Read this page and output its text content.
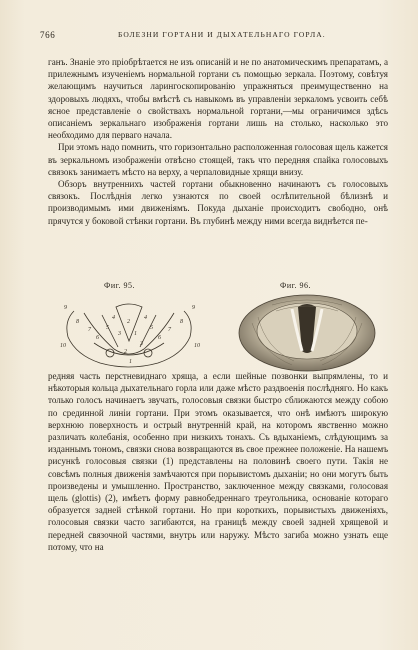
766	БОЛЕЗНИ ГОРТАНИ И ДЫХАТЕЛЬНАГО ГОРЛА.

ганъ. Знанiе это прiобрѣтается не изъ описанiй и не по анатомическимъ препаратамъ, а прилежнымъ изученiемъ нормальной гортани съ помощью зеркала. Поэтому, совѣтуя желающимъ научиться ларингоскопированiю упражняться преимущественно на здоровыхъ людяхъ, чтобы вмѣстѣ съ навыкомъ въ управленiи зеркаломъ усвоить себѣ ясное представленiе о свойствахъ нормальной гортани,—мы ограничимся здѣсь описанiемъ зеркальнаго изображенiя гортани лишь на столько, насколько это необходимо для перваго начала.

При этомъ надо помнить, что горизонтально расположенная голосовая щель кажется въ зеркальномъ изображенiи отвѣсно стоящей, такъ что передняя спайка голосовыхъ связокъ занимаетъ мѣсто на верху, а черпаловидные хрящи внизу.

Обзоръ внутреннихъ частей гортани обыкновенно начинаютъ съ голосовыхъ связокъ. Послѣднiя легко узнаются по своей ослѣпительной бѣлизнѣ и производимымъ ими движенiямъ. Покуда дыханiе происходитъ свободно, онѣ прячутся у боковой стѣнки гортани. Въ глубинѣ между ними всегда виднѣется пе-

Фиг. 95.	Фиг. 96.
9
8
7
6
5
4
3
2
1
10
9
8
7
6
5
4
3
2
1
10

редняя часть перстневиднаго хряща, а если шейные позвонки выпрямлены, то и нѣкоторыя кольца дыхательнаго горла или даже мѣсто раздвоенiя послѣдняго. Но какъ только голосъ начинаетъ звучать, голосовыя связки быстро сближаются между собою по срединной линiи гортани. При этомъ оказывается, что онѣ имѣютъ широкую верхнюю поверхность и острый внутреннiй край, на которомъ явственно можно различать колебанiя, особенно при низкихъ тонахъ. Съ вдыханiемъ, слѣдующимъ за изданнымъ тономъ, связки снова возвращаются въ свое прежнее положенiе. На нашемъ рисункѣ голосовыя связки (1) представлены на половинѣ своего пути. Такiя не совсѣмъ полныя движенiя замѣчаются при порывистомъ дыханiи; но они могутъ быть произведены и умышленно. Пространство, заключенное между связками, голосовая щель (glottis) (2), имѣетъ форму равнобедреннаго треугольника, основанiе котораго образуется задней стѣнкой гортани. Но при короткихъ, порывистыхъ движенiяхъ, голосовыя связки часто загибаются, на границѣ между своей задней хрящевой и передней связочной частями, внутрь или наружу. Мѣсто загиба можно узнать еще потому, что на
